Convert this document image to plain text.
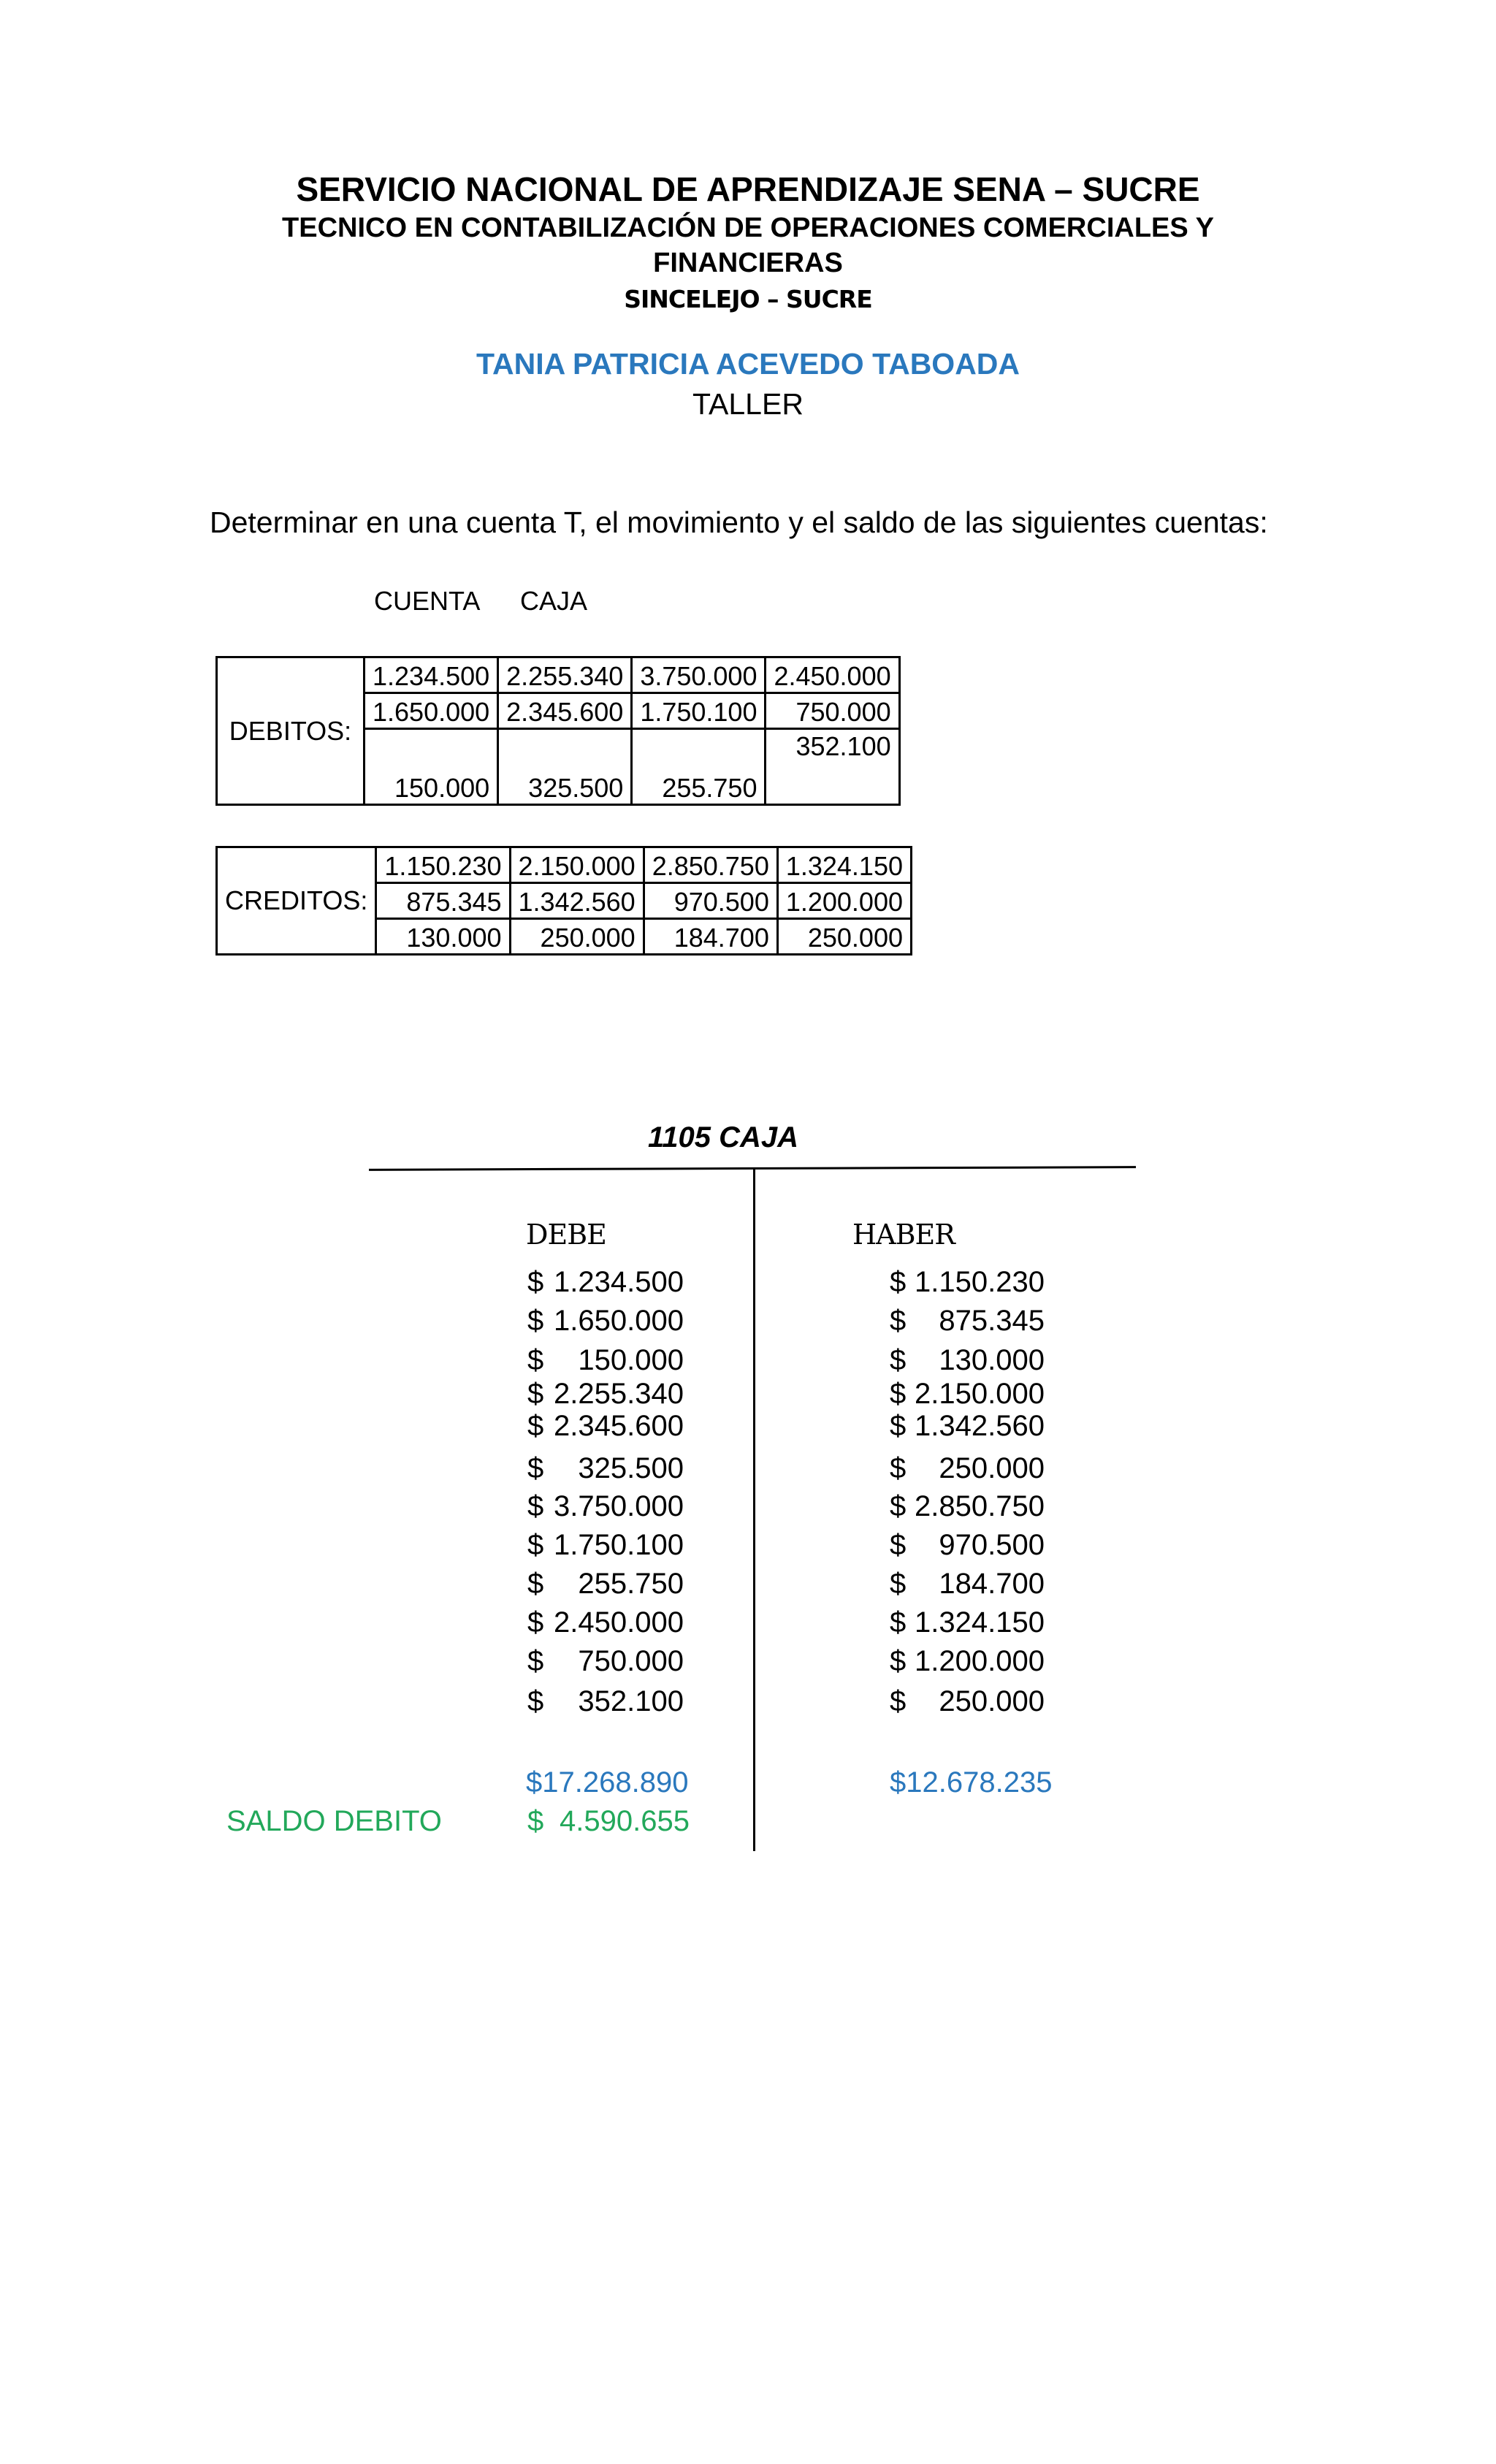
SERVICIO NACIONAL DE APRENDIZAJE SENA – SUCRE
TECNICO EN CONTABILIZACIÓN DE OPERACIONES COMERCIALES Y
FINANCIERAS
SINCELEJO – SUCRE
TANIA PATRICIA ACEVEDO TABOADA
TALLER
Determinar en una cuenta T, el movimiento y el saldo de las siguientes cuentas:
CUENTA CAJA
DEBITOS:	1.234.500	2.255.340	3.750.000	2.450.000
	1.650.000	2.345.600	1.750.100	750.000
	150.000	325.500	255.750	352.100
CREDITOS:	1.150.230	2.150.000	2.850.750	1.324.150
	875.345	1.342.560	970.500	1.200.000
	130.000	250.000	184.700	250.000
1105 CAJA
DEBE	HABER
$ 1.234.500	$ 1.150.230
$ 1.650.000	$	875.345
$	150.000	$	130.000
$ 2.255.340	$ 2.150.000
$ 2.345.600	$ 1.342.560
$	325.500	$	250.000
$ 3.750.000	$ 2.850.750
$ 1.750.100	$	970.500
$	255.750	$	184.700
$ 2.450.000	$ 1.324.150
$	750.000	$ 1.200.000
$	352.100	$	250.000
$17.268.890	$12.678.235
SALDO DEBITO	$ 4.590.655
